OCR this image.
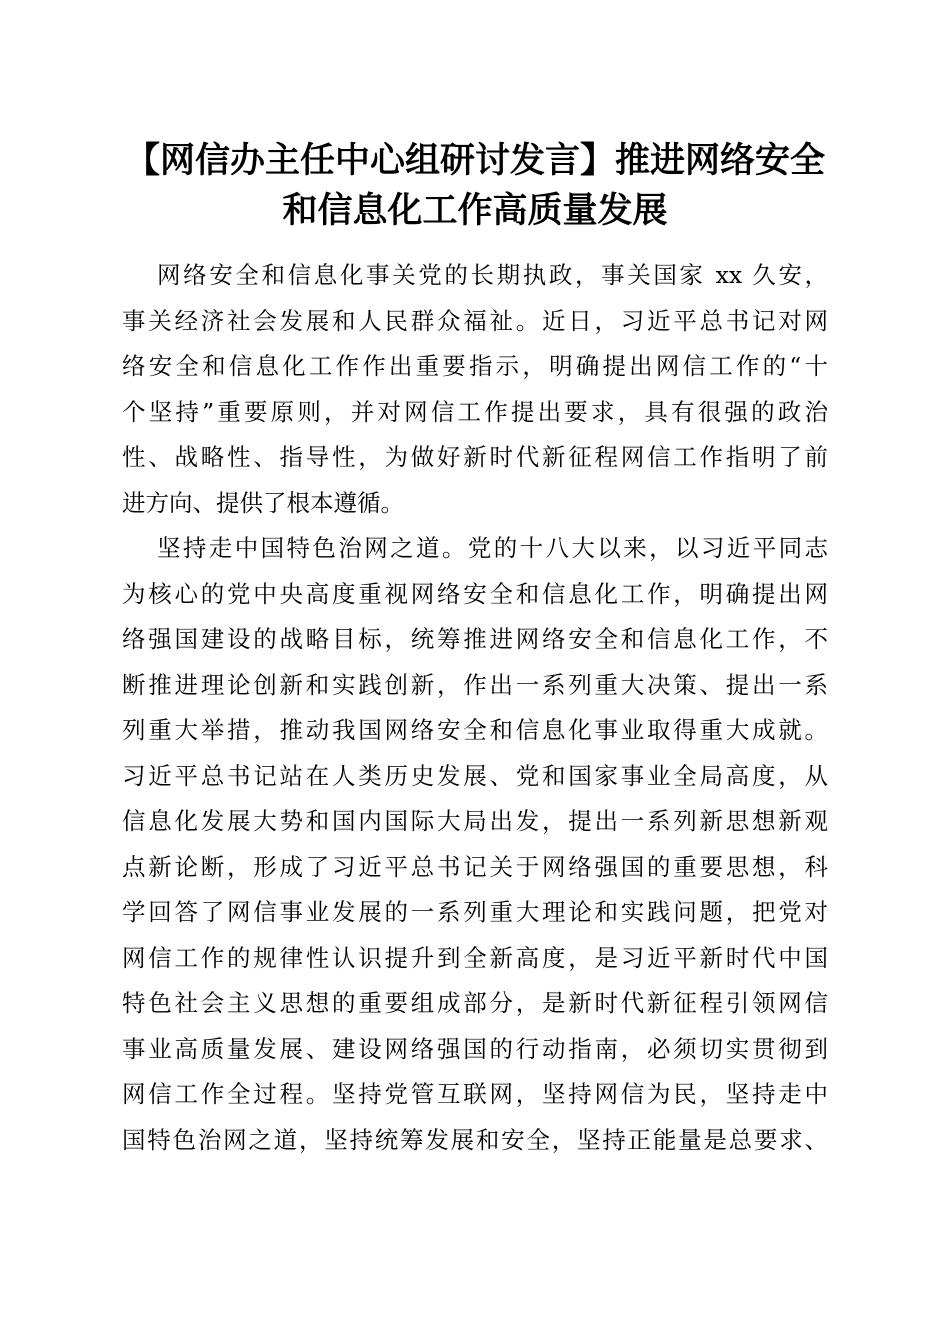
【网信办主任中心组研讨发言】推进网络安全
和信息化工作高质量发展
网络安全和信息化事关党的长期执政，事关国家 xx 久安，
事关经济社会发展和人民群众福祉。近日，习近平总书记对网
络安全和信息化工作作出重要指示，明确提出网信工作的“十
个坚持”重要原则，并对网信工作提出要求，具有很强的政治
性、战略性、指导性，为做好新时代新征程网信工作指明了前
进方向、提供了根本遵循。
坚持走中国特色治网之道。党的十八大以来，以习近平同志
为核心的党中央高度重视网络安全和信息化工作，明确提出网
络强国建设的战略目标，统筹推进网络安全和信息化工作，不
断推进理论创新和实践创新，作出一系列重大决策、提出一系
列重大举措，推动我国网络安全和信息化事业取得重大成就。
习近平总书记站在人类历史发展、党和国家事业全局高度，从
信息化发展大势和国内国际大局出发，提出一系列新思想新观
点新论断，形成了习近平总书记关于网络强国的重要思想，科
学回答了网信事业发展的一系列重大理论和实践问题，把党对
网信工作的规律性认识提升到全新高度，是习近平新时代中国
特色社会主义思想的重要组成部分，是新时代新征程引领网信
事业高质量发展、建设网络强国的行动指南，必须切实贯彻到
网信工作全过程。坚持党管互联网，坚持网信为民，坚持走中
国特色治网之道，坚持统筹发展和安全，坚持正能量是总要求、
